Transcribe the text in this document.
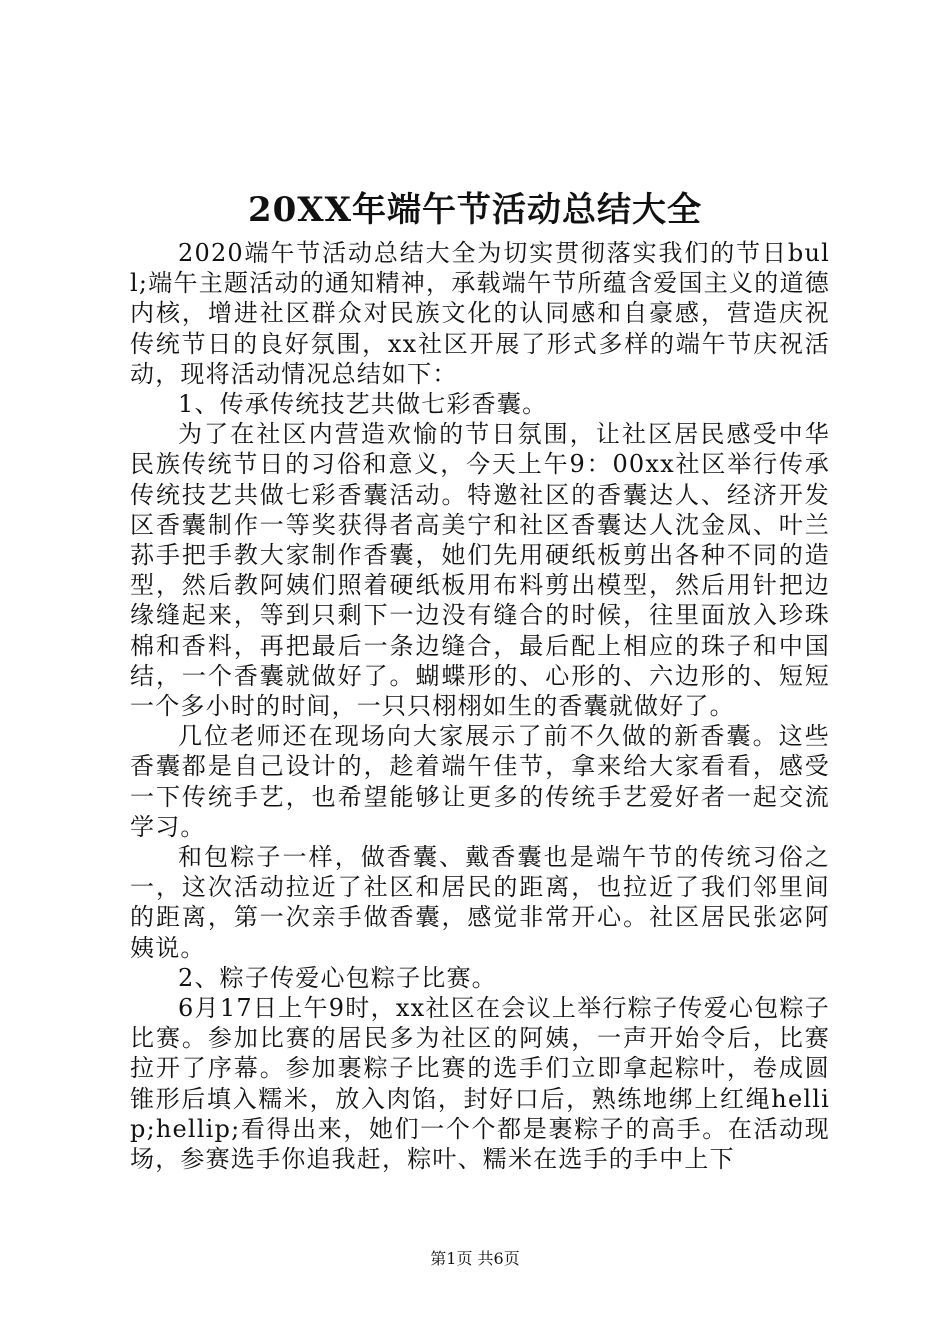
20XX年端午节活动总结大全

2020端午节活动总结大全为切实贯彻落实我们的节日bull;端午主题活动的通知精神，承载端午节所蕴含爱国主义的道德内核，增进社区群众对民族文化的认同感和自豪感，营造庆祝传统节日的良好氛围，xx社区开展了形式多样的端午节庆祝活动，现将活动情况总结如下：

1、传承传统技艺共做七彩香囊。

为了在社区内营造欢愉的节日氛围，让社区居民感受中华民族传统节日的习俗和意义，今天上午9：00xx社区举行传承传统技艺共做七彩香囊活动。特邀社区的香囊达人、经济开发区香囊制作一等奖获得者高美宁和社区香囊达人沈金凤、叶兰荪手把手教大家制作香囊，她们先用硬纸板剪出各种不同的造型，然后教阿姨们照着硬纸板用布料剪出模型，然后用针把边缘缝起来，等到只剩下一边没有缝合的时候，往里面放入珍珠棉和香料，再把最后一条边缝合，最后配上相应的珠子和中国结，一个香囊就做好了。蝴蝶形的、心形的、六边形的、短短一个多小时的时间，一只只栩栩如生的香囊就做好了。

几位老师还在现场向大家展示了前不久做的新香囊。这些香囊都是自己设计的，趁着端午佳节，拿来给大家看看，感受一下传统手艺，也希望能够让更多的传统手艺爱好者一起交流学习。

和包粽子一样，做香囊、戴香囊也是端午节的传统习俗之一，这次活动拉近了社区和居民的距离，也拉近了我们邻里间的距离，第一次亲手做香囊，感觉非常开心。社区居民张宓阿姨说。

2、粽子传爱心包粽子比赛。

6月17日上午9时，xx社区在会议上举行粽子传爱心包粽子比赛。参加比赛的居民多为社区的阿姨，一声开始令后，比赛拉开了序幕。参加裹粽子比赛的选手们立即拿起粽叶，卷成圆锥形后填入糯米，放入肉馅，封好口后，熟练地绑上红绳hellip;hellip;看得出来，她们一个个都是裹粽子的高手。在活动现场，参赛选手你追我赶，粽叶、糯米在选手的手中上下

第1页 共6页
